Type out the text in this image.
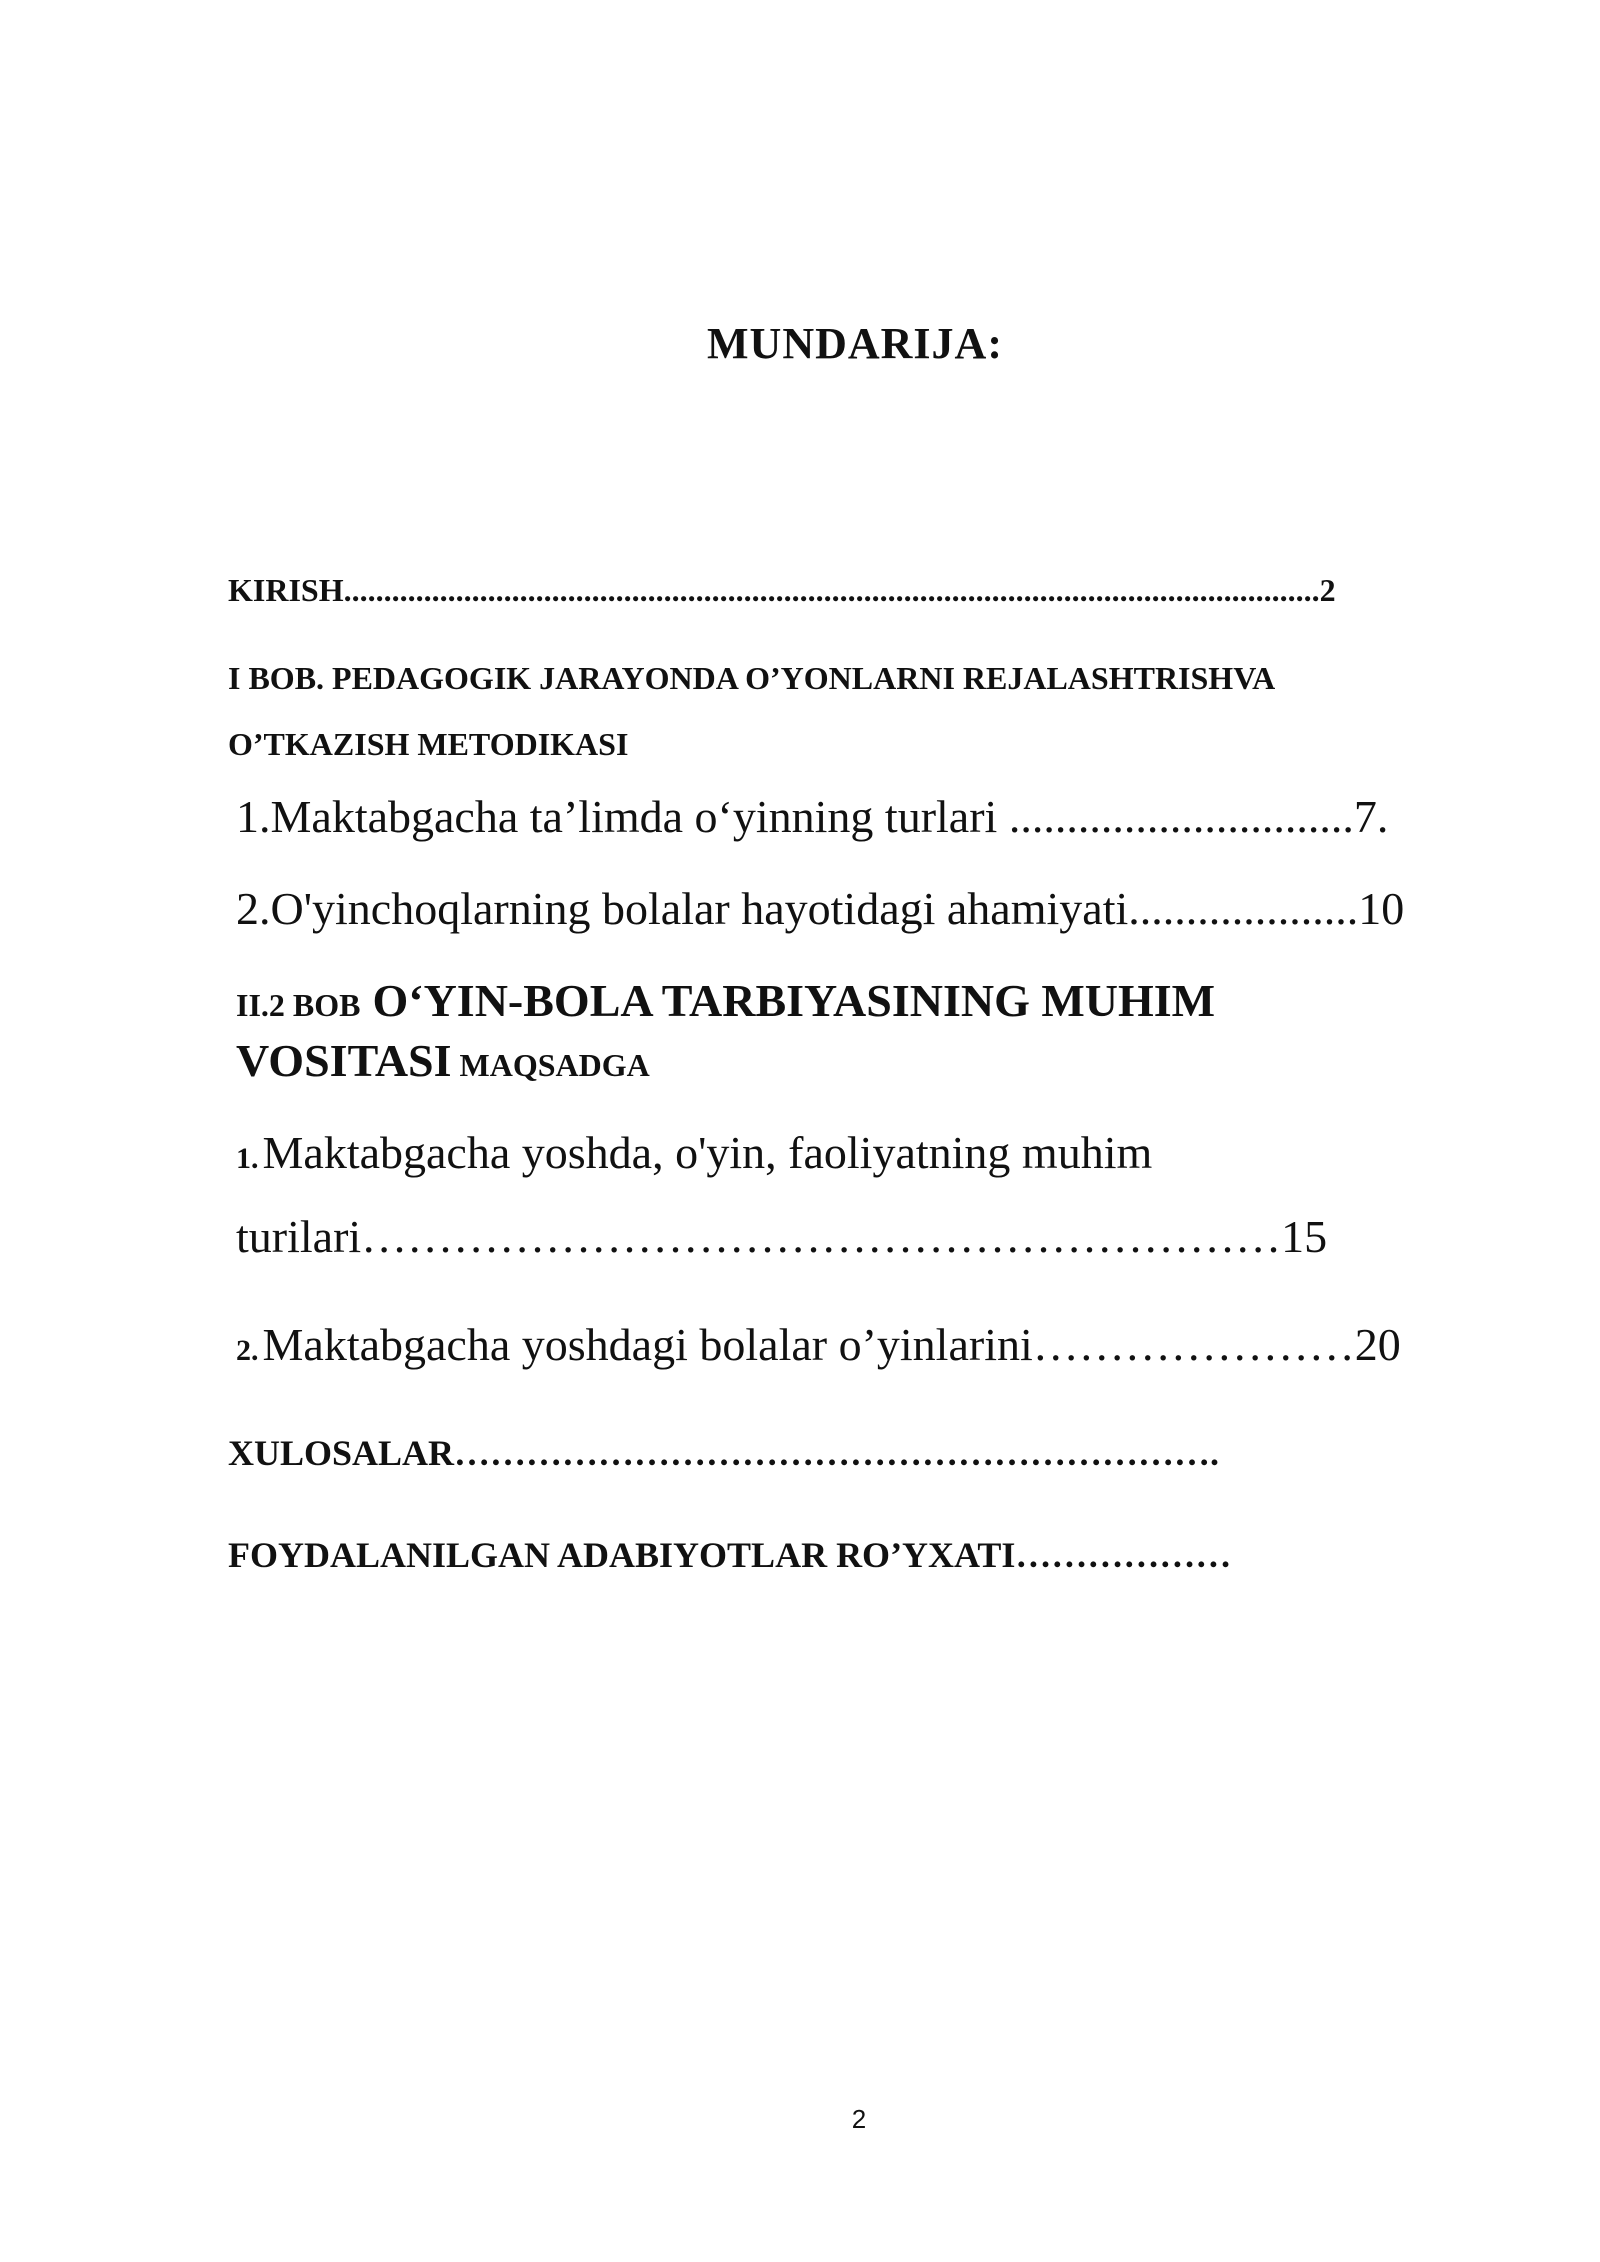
MUNDARIJA:
KIRISH..........................................................................................................................2
I BOB. PEDAGOGIK JARAYONDA O’YONLARNI REJALASHTRISHVA
O’TKAZISH METODIKASI
1.Maktabgacha ta’limda o‘yinning turlari ..............................7.
2.O'yinchoqlarning bolalar hayotidagi ahamiyati....................10
II.2 BOB O‘YIN-BOLA TARBIYASINING MUHIM
VOSITASI MAQSADGA
1. Maktabgacha yoshda, o'yin, faoliyatning muhim
turilari……………………………………………………15
2. Maktabgacha yoshdagi bolalar o’yinlarini…………………20
XULOSALAR……………………………………………………….
FOYDALANILGAN ADABIYOTLAR RO’YXATI………………
2
